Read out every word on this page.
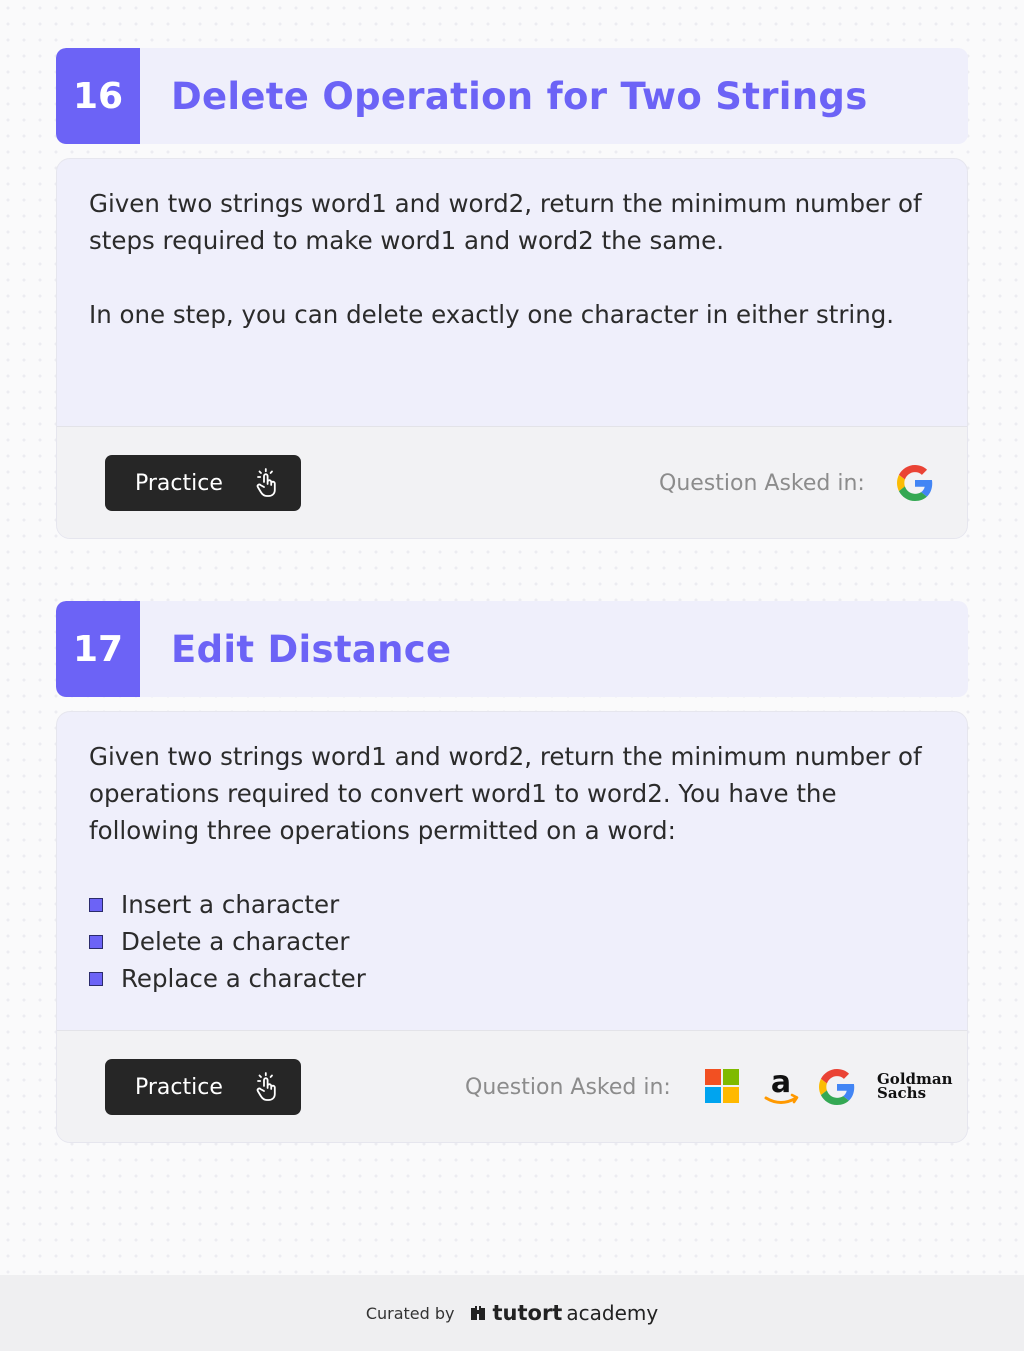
16	Delete Operation for Two Strings
Given two strings word1 and word2, return the minimum number of steps required to make word1 and word2 the same.
In one step, you can delete exactly one character in either string.
Practice	Question Asked in:
17	Edit Distance
Given two strings word1 and word2, return the minimum number of operations required to convert word1 to word2. You have the following three operations permitted on a word:
Insert a character
Delete a character
Replace a character
Practice	Question Asked in:	a	Goldman
Sachs
Curated by tutort academy
